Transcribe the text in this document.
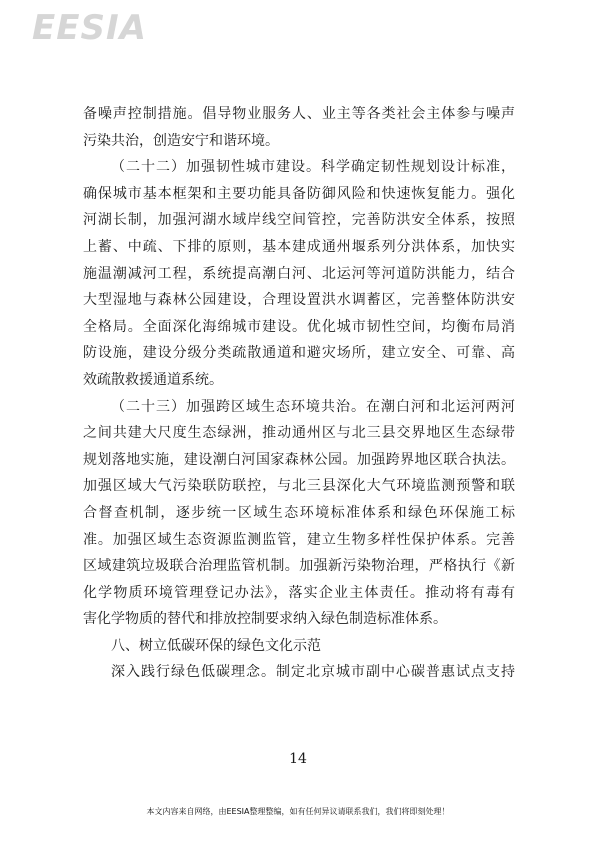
EESIA
备噪声控制措施。倡导物业服务人、业主等各类社会主体参与噪声
污染共治，创造安宁和谐环境。
（二十二）加强韧性城市建设。科学确定韧性规划设计标准，
确保城市基本框架和主要功能具备防御风险和快速恢复能力。强化
河湖长制，加强河湖水域岸线空间管控，完善防洪安全体系，按照
上蓄、中疏、下排的原则，基本建成通州堰系列分洪体系，加快实
施温潮减河工程，系统提高潮白河、北运河等河道防洪能力，结合
大型湿地与森林公园建设，合理设置洪水调蓄区，完善整体防洪安
全格局。全面深化海绵城市建设。优化城市韧性空间，均衡布局消
防设施，建设分级分类疏散通道和避灾场所，建立安全、可靠、高
效疏散救援通道系统。
（二十三）加强跨区域生态环境共治。在潮白河和北运河两河
之间共建大尺度生态绿洲，推动通州区与北三县交界地区生态绿带
规划落地实施，建设潮白河国家森林公园。加强跨界地区联合执法。
加强区域大气污染联防联控，与北三县深化大气环境监测预警和联
合督查机制，逐步统一区域生态环境标准体系和绿色环保施工标
准。加强区域生态资源监测监管，建立生物多样性保护体系。完善
区域建筑垃圾联合治理监管机制。加强新污染物治理，严格执行《新
化学物质环境管理登记办法》，落实企业主体责任。推动将有毒有
害化学物质的替代和排放控制要求纳入绿色制造标准体系。
八、树立低碳环保的绿色文化示范
深入践行绿色低碳理念。制定北京城市副中心碳普惠试点支持
14
本文内容来自网络，由EESIA整理整编，如有任何异议请联系我们，我们将即刻处理！
